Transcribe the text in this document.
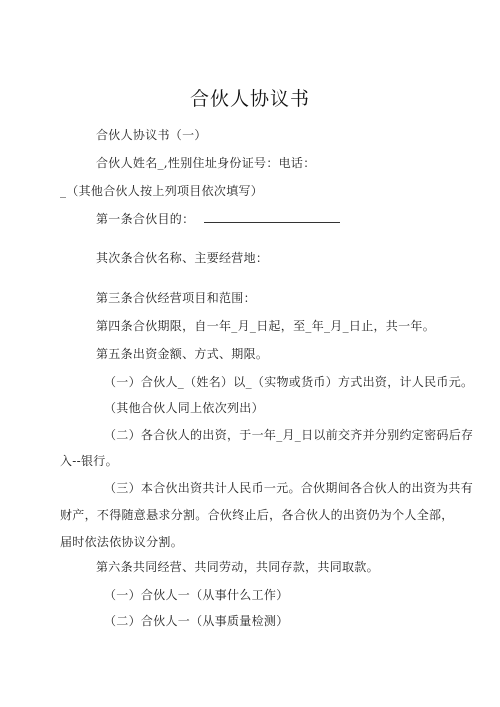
合伙人协议书
合伙人协议书（一）
合伙人姓名_,性别住址身份证号：电话：
_（其他合伙人按上列项目依次填写）
第一条合伙目的：
其次条合伙名称、主要经营地：
第三条合伙经营项目和范围：
第四条合伙期限，自一年_月_日起，至_年_月_日止，共一年。
第五条出资金额、方式、期限。
（一）合伙人_（姓名）以_（实物或货币）方式出资，计人民币元。
（其他合伙人同上依次列出）
（二）各合伙人的出资，于一年_月_日以前交齐并分别约定密码后存
入--银行。
（三）本合伙出资共计人民币一元。合伙期间各合伙人的出资为共有
财产，不得随意悬求分割。合伙终止后，各合伙人的出资仍为个人全部，
届时依法依协议分割。
第六条共同经营、共同劳动，共同存款，共同取款。
（一）合伙人一（从事什么工作）
（二）合伙人一（从事质量检测）
